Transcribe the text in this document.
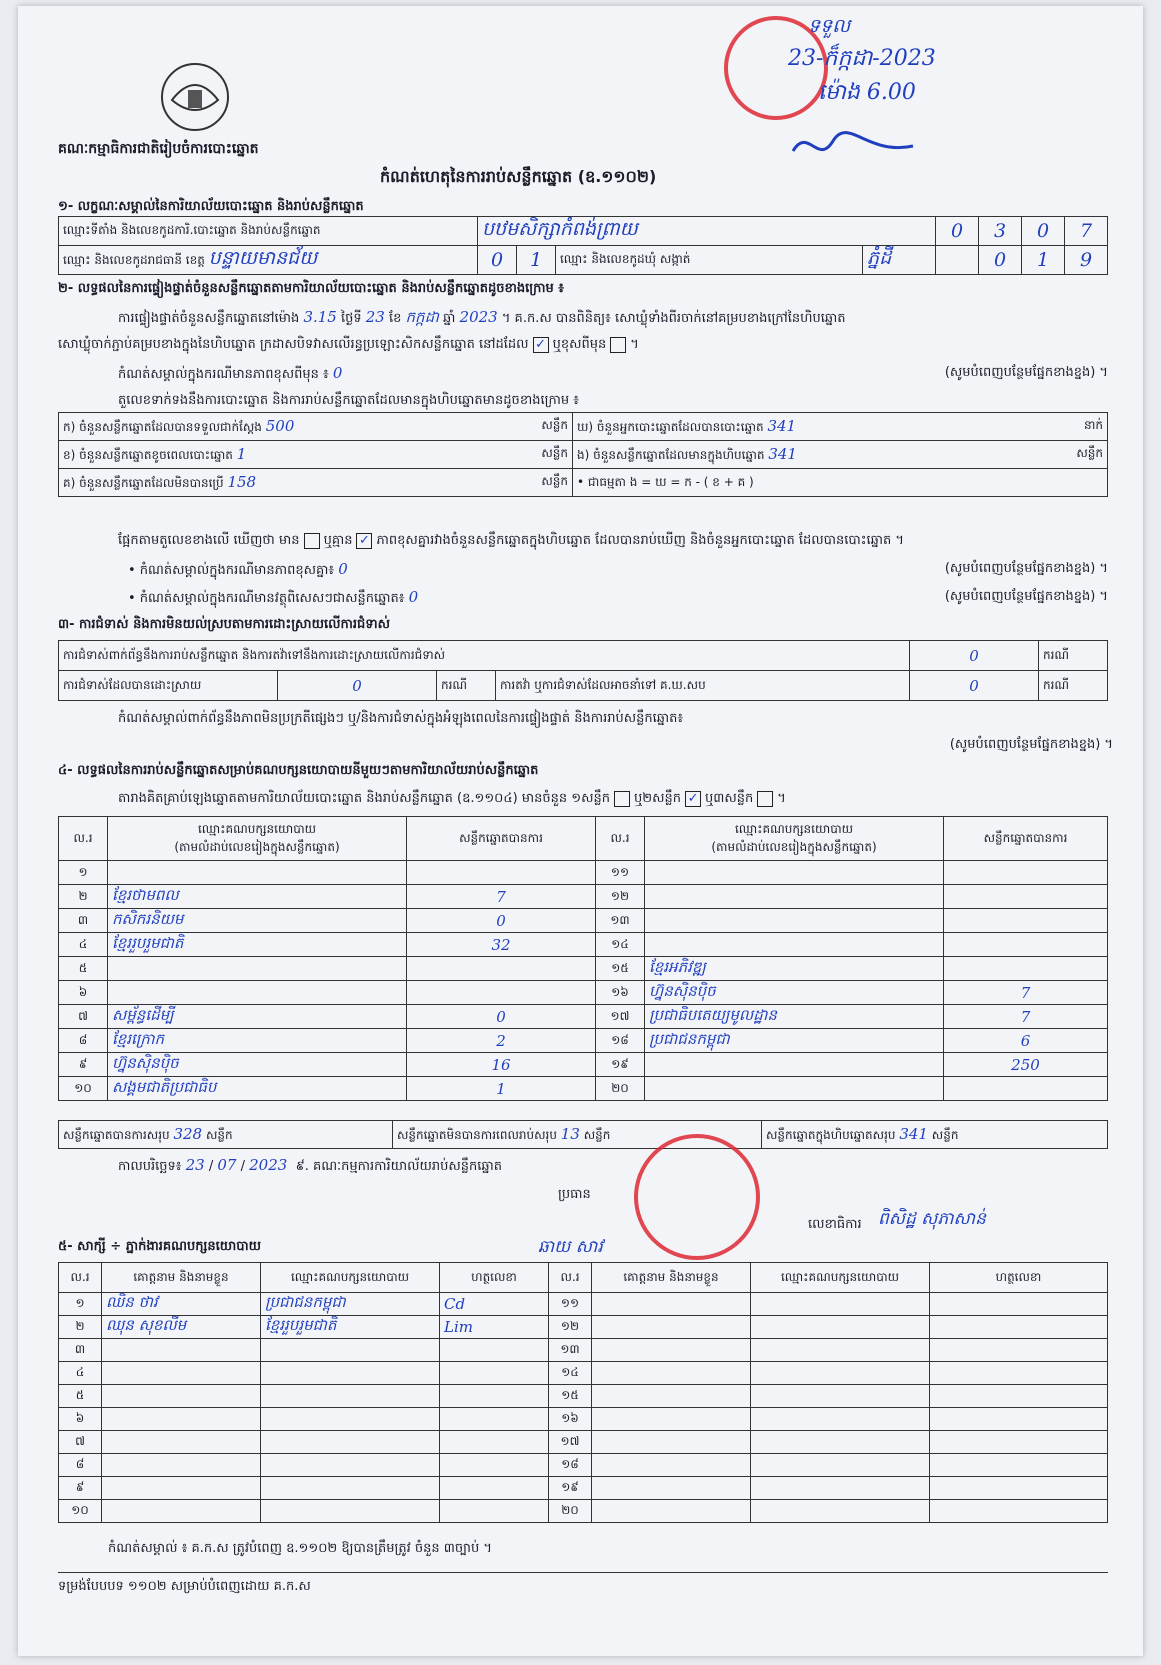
គណៈកម្មាធិការជាតិរៀបចំការបោះឆ្នោត
ទទួល
23-ក៏ក្កដា-2023
ម៉ោង 6.00
កំណត់ហេតុនៃការរាប់សន្លឹកឆ្នោត (ឧ.១១០២)
១- លក្ខណៈសម្គាល់នៃការិយាល័យបោះឆ្នោត និងរាប់សន្លឹកឆ្នោត
ឈ្មោះទីតាំង និងលេខកូដការិ.បោះឆ្នោត និងរាប់សន្លឹកឆ្នោត	បឋមសិក្សាកំពង់ព្រាយ				0	3	0	7
ឈ្មោះ និងលេខកូដរាជធានី ខេត្ត បន្ទាយមានជ័យ	0	1	ឈ្មោះ និងលេខកូដឃុំ សង្កាត់	ភ្នំដី		0	1	9
២- លទ្ធផលនៃការផ្ទៀងផ្ទាត់ចំនួនសន្លឹកឆ្នោតតាមការិយាល័យបោះឆ្នោត និងរាប់សន្លឹកឆ្នោតដូចខាងក្រោម ៖
ការផ្ទៀងផ្ទាត់ចំនួនសន្លឹកឆ្នោតនៅម៉ោង 3.15 ថ្ងៃទី 23 ខែ កក្កដា ឆ្នាំ 2023 ។ គ.ក.ស បានពិនិត្យ៖ សោឃ្លុំទាំងពីរចាក់នៅគម្របខាងក្រៅនៃហិបឆ្នោត
សោឃ្លុំចាក់ភ្ជាប់គម្របខាងក្នុងនៃហិបឆ្នោត ក្រដាសបិទវាសលើរន្ធប្រឡោះសិកសន្លឹកឆ្នោត នៅដដែល ✓ ឬខុសពីមុន ។
កំណត់សម្គាល់ក្នុងករណីមានភាពខុសពីមុន ៖ 0	(សូមបំពេញបន្ថែមផ្នែកខាងខ្នង) ។
តួលេខទាក់ទងនឹងការបោះឆ្នោត និងការរាប់សន្លឹកឆ្នោតដែលមានក្នុងហិបឆ្នោតមានដូចខាងក្រោម ៖
ក) ចំនួនសន្លឹកឆ្នោតដែលបានទទួលជាក់ស្តែង 500 សន្លឹក	ឃ) ចំនួនអ្នកបោះឆ្នោតដែលបានបោះឆ្នោត 341 នាក់

ខ) ចំនួនសន្លឹកឆ្នោតខូចពេលបោះឆ្នោត 1 សន្លឹក	ង) ចំនួនសន្លឹកឆ្នោតដែលមានក្នុងហិបឆ្នោត 341 សន្លឹក

គ) ចំនួនសន្លឹកឆ្នោតដែលមិនបានប្រើ 158 សន្លឹក	• ជាធម្មតា ង = ឃ = ក - ( ខ + គ )
ផ្អែកតាមតួលេខខាងលើ ឃើញថា មាន ឬគ្មាន ✓ ភាពខុសគ្នារវាងចំនួនសន្លឹកឆ្នោតក្នុងហិបឆ្នោត ដែលបានរាប់ឃើញ និងចំនួនអ្នកបោះឆ្នោត ដែលបានបោះឆ្នោត ។
• កំណត់សម្គាល់ក្នុងករណីមានភាពខុសគ្នា៖ 0	(សូមបំពេញបន្ថែមផ្នែកខាងខ្នង) ។
• កំណត់សម្គាល់ក្នុងករណីមានវត្ថុពិសេសៗជាសន្លឹកឆ្នោត៖ 0	(សូមបំពេញបន្ថែមផ្នែកខាងខ្នង) ។
៣- ការជំទាស់ និងការមិនយល់ស្របតាមការដោះស្រាយលើការជំទាស់
ការជំទាស់ពាក់ព័ន្ធនឹងការរាប់សន្លឹកឆ្នោត និងការតវ៉ាទៅនឹងការដោះស្រាយលើការជំទាស់				0	ករណី
ការជំទាស់ដែលបានដោះស្រាយ	0	ករណី	ការតវ៉ា ឬការជំទាស់ដែលអាចនាំទៅ គ.ឃ.សប	0	ករណី
កំណត់សម្គាល់ពាក់ព័ន្ធនឹងភាពមិនប្រក្រតីផ្សេងៗ ឬ/និងការជំទាស់ក្នុងអំឡុងពេលនៃការផ្ទៀងផ្ទាត់ និងការរាប់សន្លឹកឆ្នោត៖
(សូមបំពេញបន្ថែមផ្នែកខាងខ្នង) ។
៤- លទ្ធផលនៃការរាប់សន្លឹកឆ្នោតសម្រាប់គណបក្សនយោបាយនីមួយៗតាមការិយាល័យរាប់សន្លឹកឆ្នោត
តារាងគិតគ្រាប់ឡេងឆ្នោតតាមការិយាល័យបោះឆ្នោត និងរាប់សន្លឹកឆ្នោត (ឧ.១១០៤) មានចំនួន ១សន្លឹក ឬ២សន្លឹក ✓ ឬ៣សន្លឹក ។
ល.រ	ឈ្មោះគណបក្សនយោបាយ
(តាមលំដាប់លេខរៀងក្នុងសន្លឹកឆ្នោត)	សន្លឹកឆ្នោតបានការ	ល.រ	ឈ្មោះគណបក្សនយោបាយ
(តាមលំដាប់លេខរៀងក្នុងសន្លឹកឆ្នោត)	សន្លឹកឆ្នោតបានការ
១			១១		
២	ខ្មែរថាមពល	7	១២		
៣	កសិករនិយម	0	១៣		
៤	ខ្មែររួបរួមជាតិ	32	១៤		
៥			១៥	ខ្មែរអភិវឌ្ឍ	
៦			១៦	ហ្វ៊ុនស៊ិនប៉ិច	7
៧	សម្ព័ន្ធដើម្បី	0	១៧	ប្រជាធិបតេយ្យមូលដ្ឋាន	7
៨	ខ្មែរក្រោក	2	១៨	ប្រជាជនកម្ពុជា	6
៩	ហ្វ៊ុនស៊ិនប៉ិច	16	១៩		250
១០	សង្គមជាតិប្រជាធិប	1	២០		
សន្លឹកឆ្នោតបានការសរុប 328 សន្លឹក	សន្លឹកឆ្នោតមិនបានការពេលរាប់សរុប 13 សន្លឹក	សន្លឹកឆ្នោតក្នុងហិបឆ្នោតសរុប 341 សន្លឹក
កាលបរិច្ឆេទ៖ 23 / 07 / 2023 ៩. គណៈកម្មការការិយាល័យរាប់សន្លឹកឆ្នោត
ប្រធាន
ឆាយ សាវ
លេខាធិការ ពិសិដ្ឋ សុភាសាន់
៥- សាក្សី ÷ ភ្នាក់ងារគណបក្សនយោបាយ
ល.រ	គោត្តនាម និងនាមខ្លួន	ឈ្មោះគណបក្សនយោបាយ	ហត្ថលេខា	ល.រ	គោត្តនាម និងនាមខ្លួន	ឈ្មោះគណបក្សនយោបាយ	ហត្ថលេខា
១	ឈិន ថាវ	ប្រជាជនកម្ពុជា	Cd	១១			
២	ឈុន សុខលីម	ខ្មែររួបរួមជាតិ	Lim	១២			
៣				១៣			
៤				១៤			
៥				១៥			
៦				១៦			
៧				១៧			
៨				១៨			
៩				១៩			
១០				២០			
កំណត់សម្គាល់ ៖ គ.ក.ស ត្រូវបំពេញ ឧ.១១០២ ឱ្យបានត្រឹមត្រូវ ចំនួន ៣ច្បាប់ ។
ទម្រង់បែបបទ ១១០២ សម្រាប់បំពេញដោយ គ.ក.ស
